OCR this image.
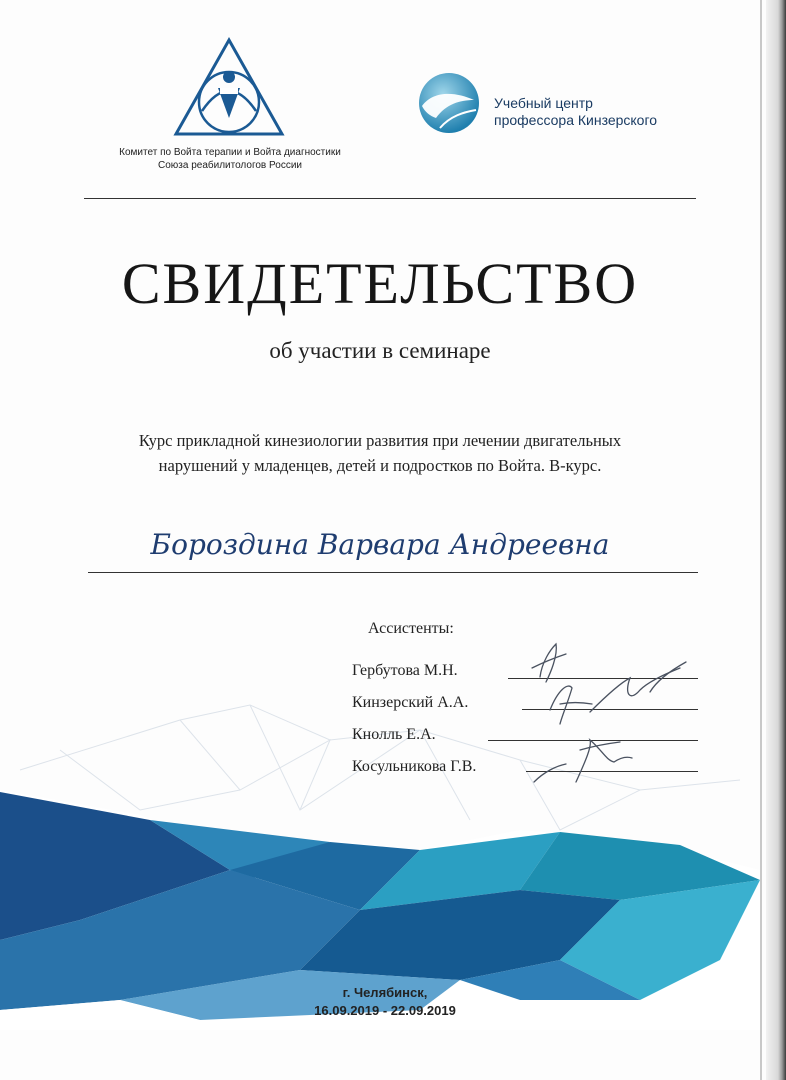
Комитет по Войта терапии и Войта диагностики
Союза реабилитологов России
Учебный центр
профессора Кинзерского
СВИДЕТЕЛЬСТВО
об участии в семинаре
Курс прикладной кинезиологии развития при лечении двигательных
нарушений у младенцев, детей и подростков по Войта. В-курс.
Бороздина Варвара Андреевна
Ассистенты:
Гербутова М.Н.
Кинзерский А.А.
Кнолль Е.А.
Косульникова Г.В.
г. Челябинск,
16.09.2019 - 22.09.2019
